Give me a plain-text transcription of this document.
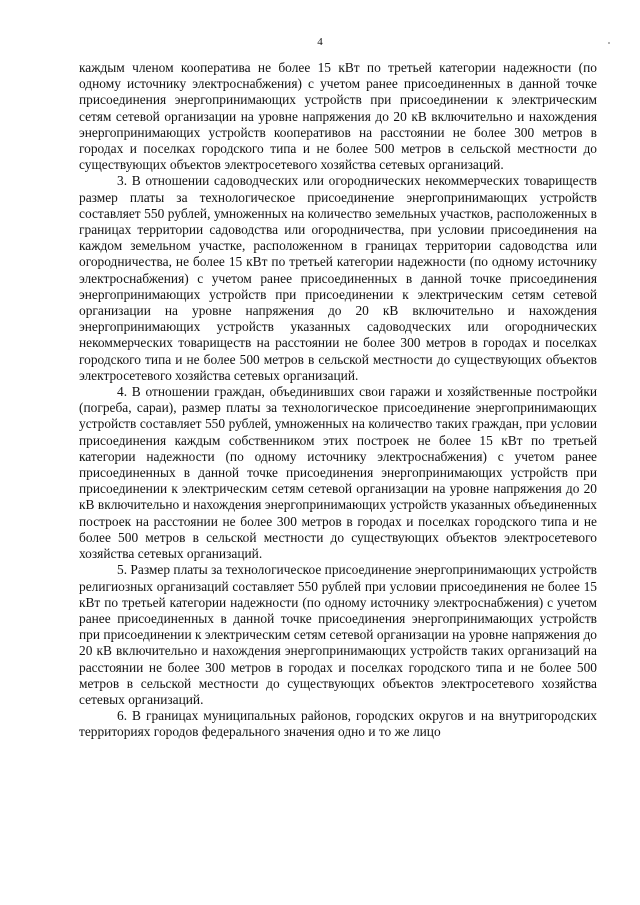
4

каждым членом кооператива не более 15 кВт по третьей категории надежности (по одному источнику электроснабжения) с учетом ранее присоединенных в данной точке присоединения энергопринимающих устройств при присоединении к электрическим сетям сетевой организации на уровне напряжения до 20 кВ включительно и нахождения энергопринимающих устройств кооперативов на расстоянии не более 300 метров в городах и поселках городского типа и не более 500 метров в сельской местности до существующих объектов электросетевого хозяйства сетевых организаций.

3. В отношении садоводческих или огороднических некоммерческих товариществ размер платы за технологическое присоединение энергопринимающих устройств составляет 550 рублей, умноженных на количество земельных участков, расположенных в границах территории садоводства или огородничества, при условии присоединения на каждом земельном участке, расположенном в границах территории садоводства или огородничества, не более 15 кВт по третьей категории надежности (по одному источнику электроснабжения) с учетом ранее присоединенных в данной точке присоединения энергопринимающих устройств при присоединении к электрическим сетям сетевой организации на уровне напряжения до 20 кВ включительно и нахождения энергопринимающих устройств указанных садоводческих или огороднических некоммерческих товариществ на расстоянии не более 300 метров в городах и поселках городского типа и не более 500 метров в сельской местности до существующих объектов электросетевого хозяйства сетевых организаций.

4. В отношении граждан, объединивших свои гаражи и хозяйственные постройки (погреба, сараи), размер платы за технологическое присоединение энергопринимающих устройств составляет 550 рублей, умноженных на количество таких граждан, при условии присоединения каждым собственником этих построек не более 15 кВт по третьей категории надежности (по одному источнику электроснабжения) с учетом ранее присоединенных в данной точке присоединения энергопринимающих устройств при присоединении к электрическим сетям сетевой организации на уровне напряжения до 20 кВ включительно и нахождения энергопринимающих устройств указанных объединенных построек на расстоянии не более 300 метров в городах и поселках городского типа и не более 500 метров в сельской местности до существующих объектов электросетевого хозяйства сетевых организаций.

5. Размер платы за технологическое присоединение энергопринимающих устройств религиозных организаций составляет 550 рублей при условии присоединения не более 15 кВт по третьей категории надежности (по одному источнику электроснабжения) с учетом ранее присоединенных в данной точке присоединения энергопринимающих устройств при присоединении к электрическим сетям сетевой организации на уровне напряжения до 20 кВ включительно и нахождения энергопринимающих устройств таких организаций на расстоянии не более 300 метров в городах и поселках городского типа и не более 500 метров в сельской местности до существующих объектов электросетевого хозяйства сетевых организаций.

6. В границах муниципальных районов, городских округов и на внутригородских территориях городов федерального значения одно и то же лицо
